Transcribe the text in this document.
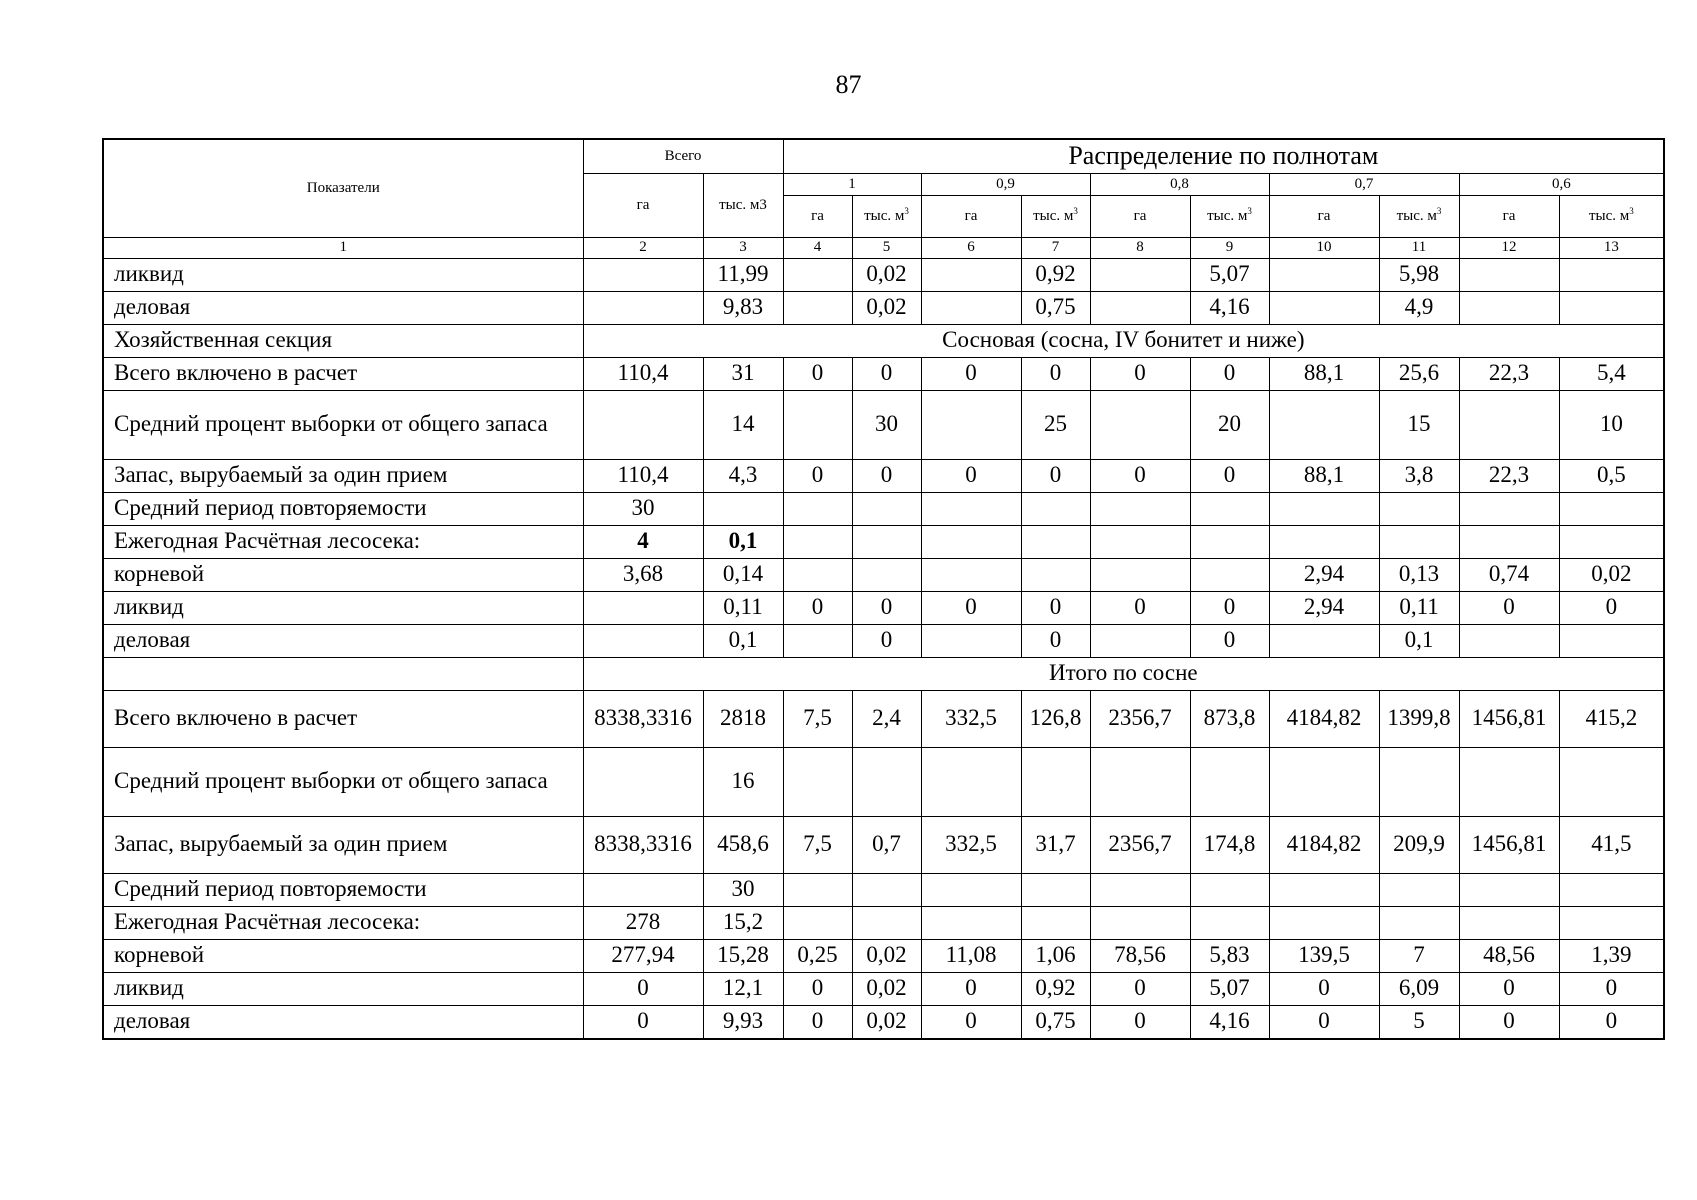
87
Показатели	Всего		Распределение по полнотам									
	га	тыс. м3	1		0,9		0,8		0,7		0,6	
			га	тыс. $м^3$	га	тыс. $м^3$	га	тыс. $м^3$	га	тыс. $м^3$	га	тыс. $м^3$
1	2	3	4	5	6	7	8	9	10	11	12	13
ликвид		11,99		0,02		0,92		5,07		5,98		
деловая		9,83		0,02		0,75		4,16		4,9		
Хозяйственная секция	Сосновая (сосна, IV бонитет и ниже)											
Всего включено в расчет	110,4	31	0	0	0	0	0	0	88,1	25,6	22,3	5,4
Средний процент выборки от общего запаса		14		30		25		20		15		10
Запас, вырубаемый за один прием	110,4	4,3	0	0	0	0	0	0	88,1	3,8	22,3	0,5
Средний период повторяемости	30											
Ежегодная Расчётная лесосека:	4	0,1										
корневой	3,68	0,14							2,94	0,13	0,74	0,02
ликвид		0,11	0	0	0	0	0	0	2,94	0,11	0	0
деловая		0,1		0		0		0		0,1		
	Итого по сосне											
Всего включено в расчет	8338,3316	2818	7,5	2,4	332,5	126,8	2356,7	873,8	4184,82	1399,8	1456,81	415,2
Средний процент выборки от общего запаса		16										
Запас, вырубаемый за один прием	8338,3316	458,6	7,5	0,7	332,5	31,7	2356,7	174,8	4184,82	209,9	1456,81	41,5
Средний период повторяемости		30										
Ежегодная Расчётная лесосека:	278	15,2										
корневой	277,94	15,28	0,25	0,02	11,08	1,06	78,56	5,83	139,5	7	48,56	1,39
ликвид	0	12,1	0	0,02	0	0,92	0	5,07	0	6,09	0	0
деловая	0	9,93	0	0,02	0	0,75	0	4,16	0	5	0	0
